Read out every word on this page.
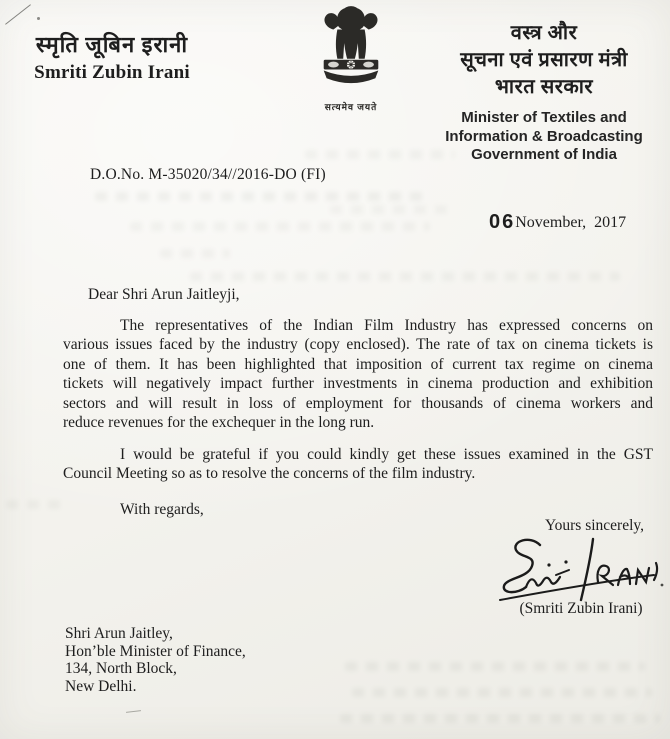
स्मृति जूबिन इरानी
Smriti Zubin Irani
सत्यमेव जयते
वस्त्र और
सूचना एवं प्रसारण मंत्री
भारत सरकार
Minister of Textiles and
Information & Broadcasting
Government of India
D.O.No. M-35020/34//2016-DO (FI)
06November,  2017
Dear Shri Arun Jaitleyji,
The representatives of the Indian Film Industry has expressed concerns on
various issues faced by the industry (copy enclosed). The rate of tax on cinema tickets is
one of them. It has been highlighted that imposition of current tax regime on cinema
tickets will negatively impact further investments in cinema production and exhibition
sectors and will result in loss of employment for thousands of cinema workers and
reduce revenues for the exchequer in the long run.
I would be grateful if you could kindly get these issues examined in the GST
Council Meeting so as to resolve the concerns of the film industry.
With regards,
Yours sincerely,
(Smriti Zubin Irani)
Shri Arun Jaitley,
Hon’ble Minister of Finance,
134, North Block,
New Delhi.
